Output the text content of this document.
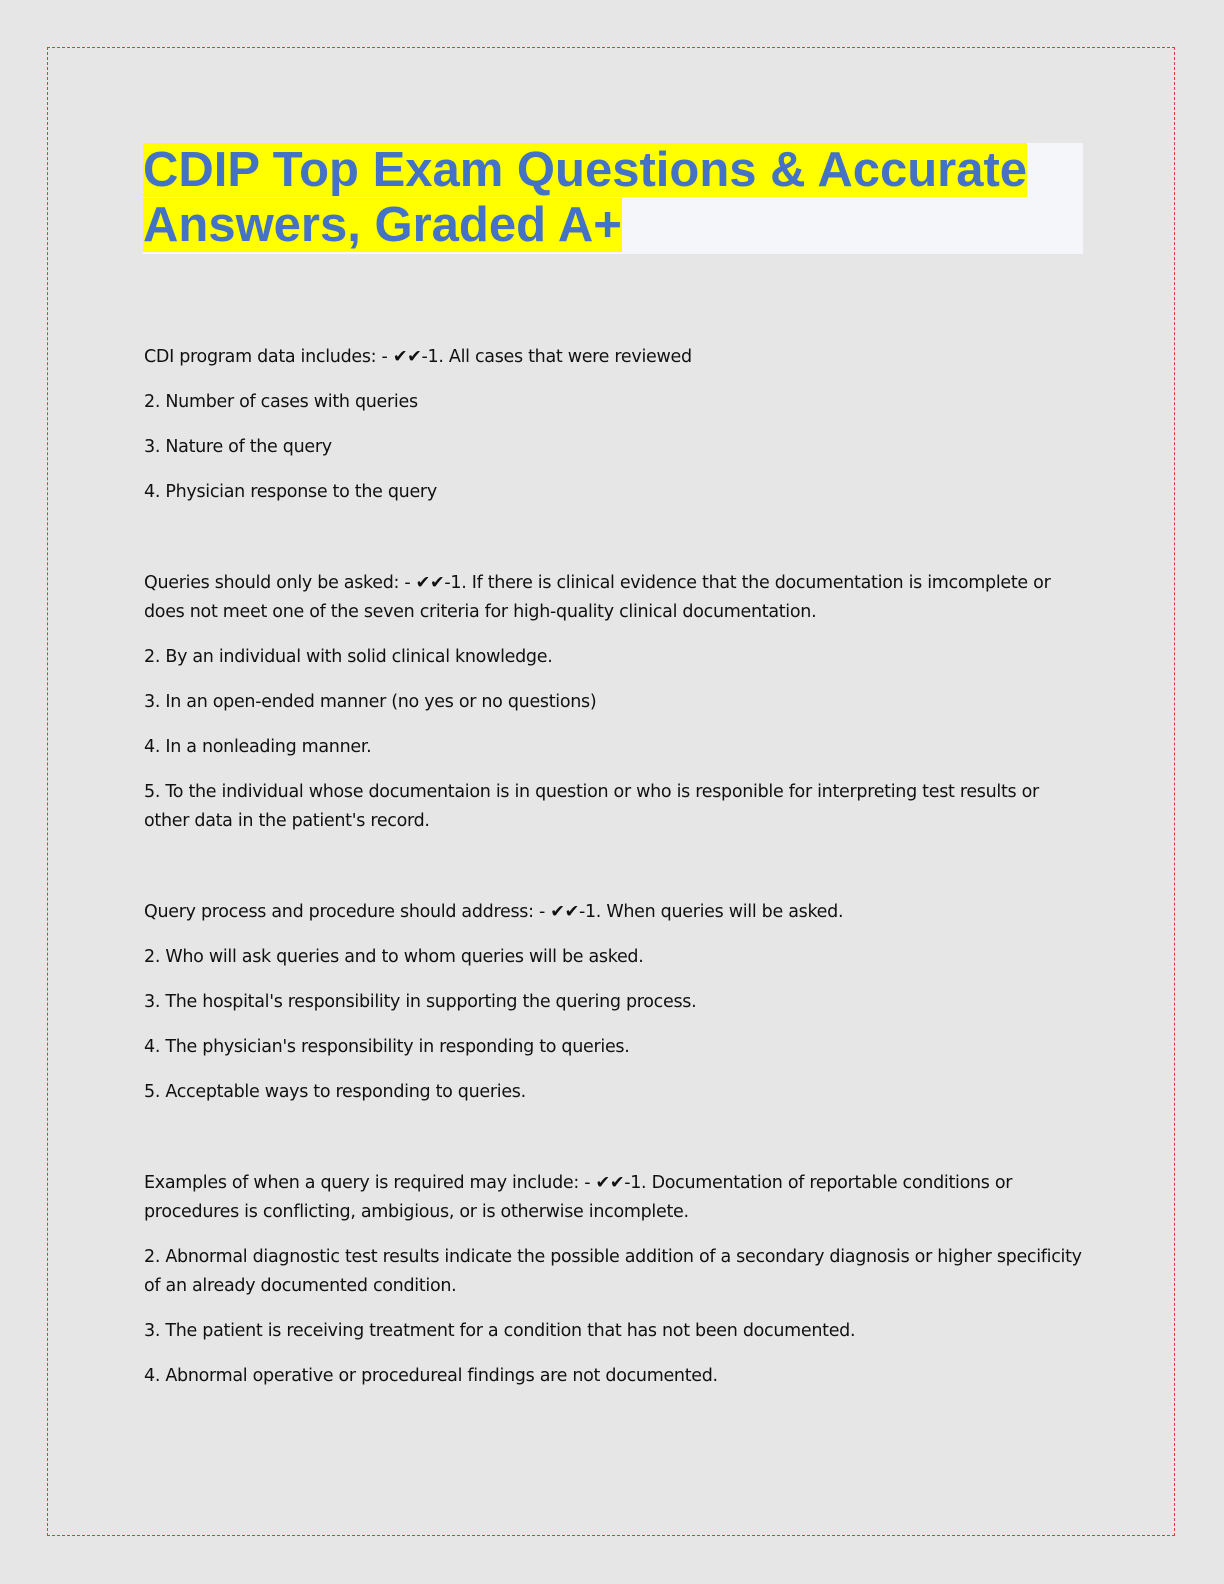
CDIP Top Exam Questions & Accurate
Answers, Graded A+

CDI program data includes: - ✔✔-1. All cases that were reviewed

2. Number of cases with queries

3. Nature of the query

4. Physician response to the query

Queries should only be asked: - ✔✔-1. If there is clinical evidence that the documentation is imcomplete or does not meet one of the seven criteria for high-quality clinical documentation.

2. By an individual with solid clinical knowledge.

3. In an open-ended manner (no yes or no questions)

4. In a nonleading manner.

5. To the individual whose documentaion is in question or who is responible for interpreting test results or other data in the patient's record.

Query process and procedure should address: - ✔✔-1. When queries will be asked.

2. Who will ask queries and to whom queries will be asked.

3. The hospital's responsibility in supporting the quering process.

4. The physician's responsibility in responding to queries.

5. Acceptable ways to responding to queries.

Examples of when a query is required may include: - ✔✔-1. Documentation of reportable conditions or procedures is conflicting, ambigious, or is otherwise incomplete.

2. Abnormal diagnostic test results indicate the possible addition of a secondary diagnosis or higher specificity of an already documented condition.

3. The patient is receiving treatment for a condition that has not been documented.

4. Abnormal operative or procedureal findings are not documented.
